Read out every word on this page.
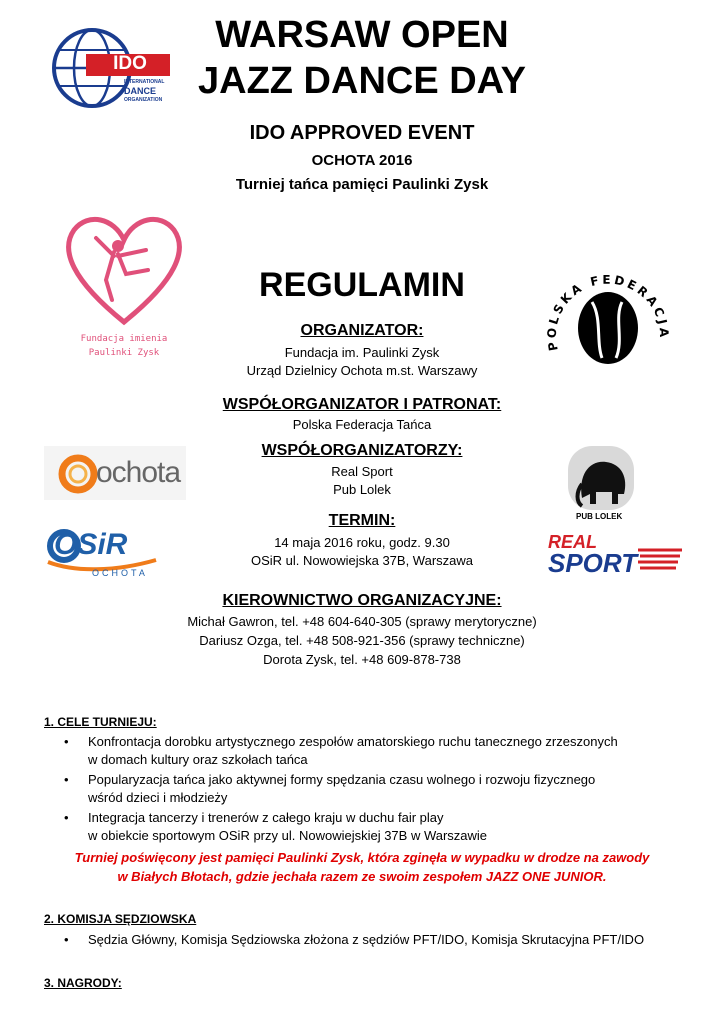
IDO
INTERNATIONAL
DANCE
ORGANIZATION
WARSAW OPEN
JAZZ DANCE DAY
IDO APPROVED EVENT
OCHOTA 2016
Turniej tańca pamięci Paulinki Zysk
Fundacja imienia
Paulinki Zysk
REGULAMIN
POLSKA FEDERACJA
ORGANIZATOR:
Fundacja im. Paulinki Zysk
Urząd Dzielnicy Ochota m.st. Warszawy
WSPÓŁORGANIZATOR I PATRONAT:
Polska Federacja Tańca
ochota
WSPÓŁORGANIZATORZY:
Real Sport
Pub Lolek
PUB LOLEK
OSiR
OCHOTA
TERMIN:
14 maja 2016 roku, godz. 9.30
OSiR ul. Nowowiejska 37B, Warszawa
REAL
SPORT
KIEROWNICTWO ORGANIZACYJNE:
Michał Gawron, tel. +48 604-640-305 (sprawy merytoryczne)
Dariusz Ozga, tel. +48 508-921-356 (sprawy techniczne)
Dorota Zysk, tel. +48 609-878-738
1. CELE TURNIEJU:
• Konfrontacja dorobku artystycznego zespołów amatorskiego ruchu tanecznego zrzeszonych
w domach kultury oraz szkołach tańca
• Popularyzacja tańca jako aktywnej formy spędzania czasu wolnego i rozwoju fizycznego
wśród dzieci i młodzieży
• Integracja tancerzy i trenerów z całego kraju w duchu fair play
w obiekcie sportowym OSiR przy ul. Nowowiejskiej 37B w Warszawie
Turniej poświęcony jest pamięci Paulinki Zysk, która zginęła w wypadku w drodze na zawody
w Białych Błotach, gdzie jechała razem ze swoim zespołem JAZZ ONE JUNIOR.
2. KOMISJA SĘDZIOWSKA
• Sędzia Główny, Komisja Sędziowska złożona z sędziów PFT/IDO, Komisja Skrutacyjna PFT/IDO
3. NAGRODY:
